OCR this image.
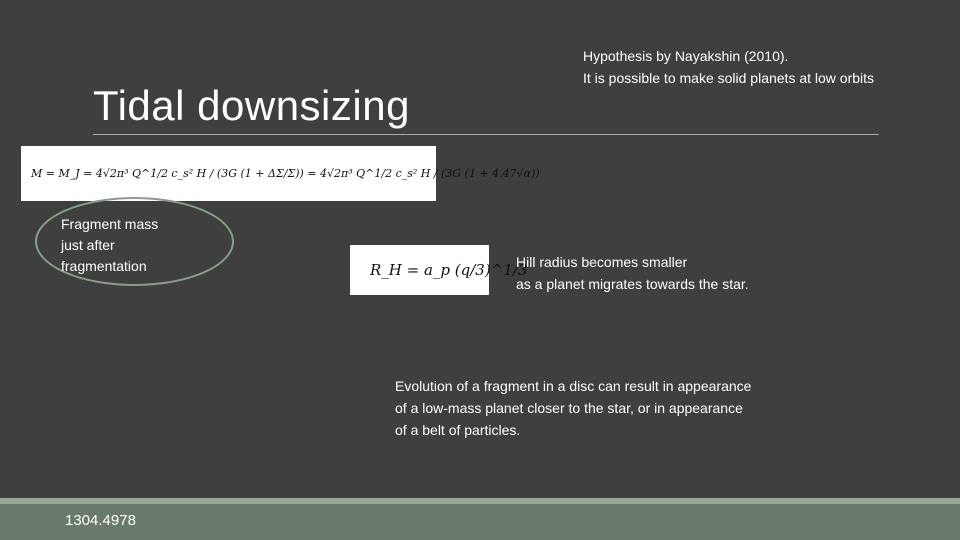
Tidal downsizing
Hypothesis by Nayakshin (2010).
It is possible to make solid planets at low orbits
M = M_J = 4√2π³ Q^1/2 c_s² H / (3G (1 + ΔΣ/Σ)) = 4√2π³ Q^1/2 c_s² H / (3G (1 + 4.47√α))
Fragment mass
just after
fragmentation	R_H = a_p (q/3)^1/3
Hill radius becomes smaller
as a planet migrates towards the star.
Evolution of a fragment in a disc can result in appearance
of a low-mass planet closer to the star, or in appearance
of a belt of particles.
1304.4978
